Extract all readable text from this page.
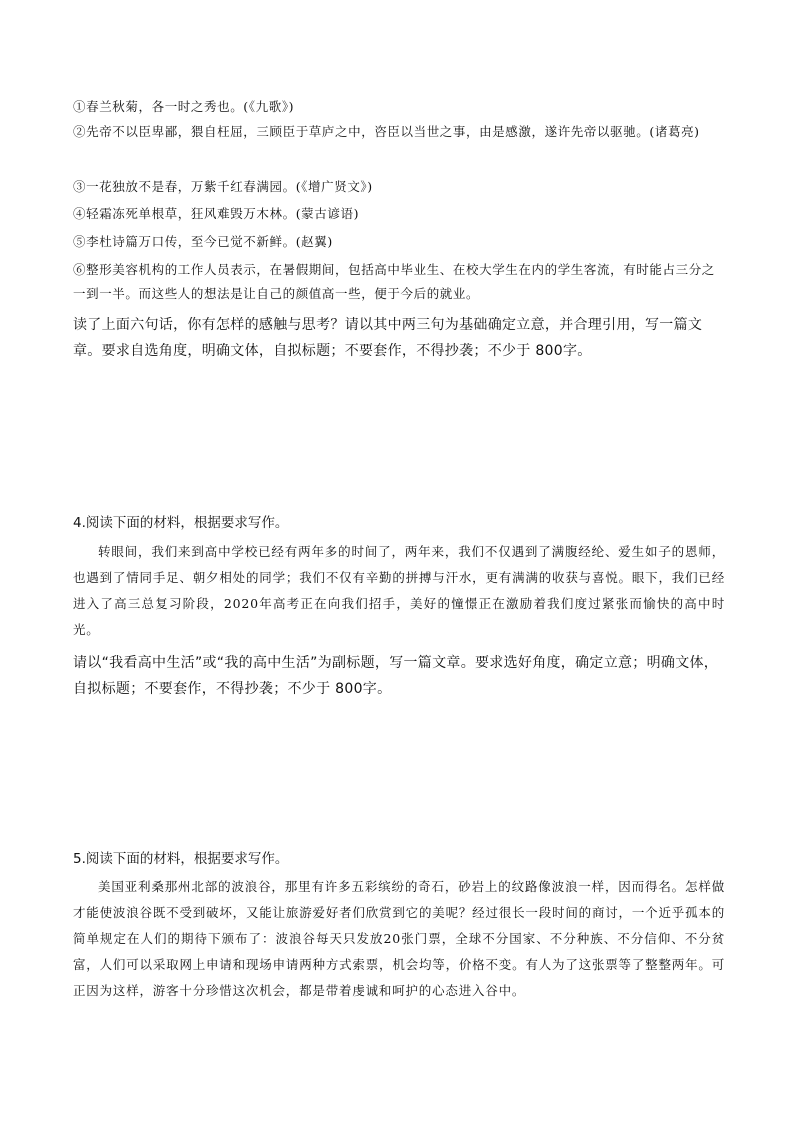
①春兰秋菊，各一时之秀也。(《九歌》)

②先帝不以臣卑鄙，猥自枉屈，三顾臣于草庐之中，咨臣以当世之事，由是感激，遂许先帝以驱驰。(诸葛亮)

③一花独放不是春，万紫千红春满园。(《增广贤文》)

④轻霜冻死单根草，狂风难毁万木林。(蒙古谚语)

⑤李杜诗篇万口传，至今已觉不新鲜。(赵翼)

⑥整形美容机构的工作人员表示，在暑假期间，包括高中毕业生、在校大学生在内的学生客流，有时能占三分之一到一半。而这些人的想法是让自己的颜值高一些，便于今后的就业。

读了上面六句话，你有怎样的感触与思考？请以其中两三句为基础确定立意，并合理引用，写一篇文章。要求自选角度，明确文体，自拟标题；不要套作，不得抄袭；不少于 800字。

4.阅读下面的材料，根据要求写作。

转眼间，我们来到高中学校已经有两年多的时间了，两年来，我们不仅遇到了满腹经纶、爱生如子的恩师，也遇到了情同手足、朝夕相处的同学；我们不仅有辛勤的拼搏与汗水，更有满满的收获与喜悦。眼下，我们已经进入了高三总复习阶段，2020年高考正在向我们招手，美好的憧憬正在激励着我们度过紧张而愉快的高中时光。

请以“我看高中生活”或“我的高中生活”为副标题，写一篇文章。要求选好角度，确定立意；明确文体，自拟标题；不要套作，不得抄袭；不少于 800字。

5.阅读下面的材料，根据要求写作。

美国亚利桑那州北部的波浪谷，那里有许多五彩缤纷的奇石，砂岩上的纹路像波浪一样，因而得名。怎样做才能使波浪谷既不受到破坏，又能让旅游爱好者们欣赏到它的美呢？经过很长一段时间的商讨，一个近乎孤本的简单规定在人们的期待下颁布了：波浪谷每天只发放20张门票，全球不分国家、不分种族、不分信仰、不分贫富，人们可以采取网上申请和现场申请两种方式索票，机会均等，价格不变。有人为了这张票等了整整两年。可正因为这样，游客十分珍惜这次机会，都是带着虔诚和呵护的心态进入谷中。
